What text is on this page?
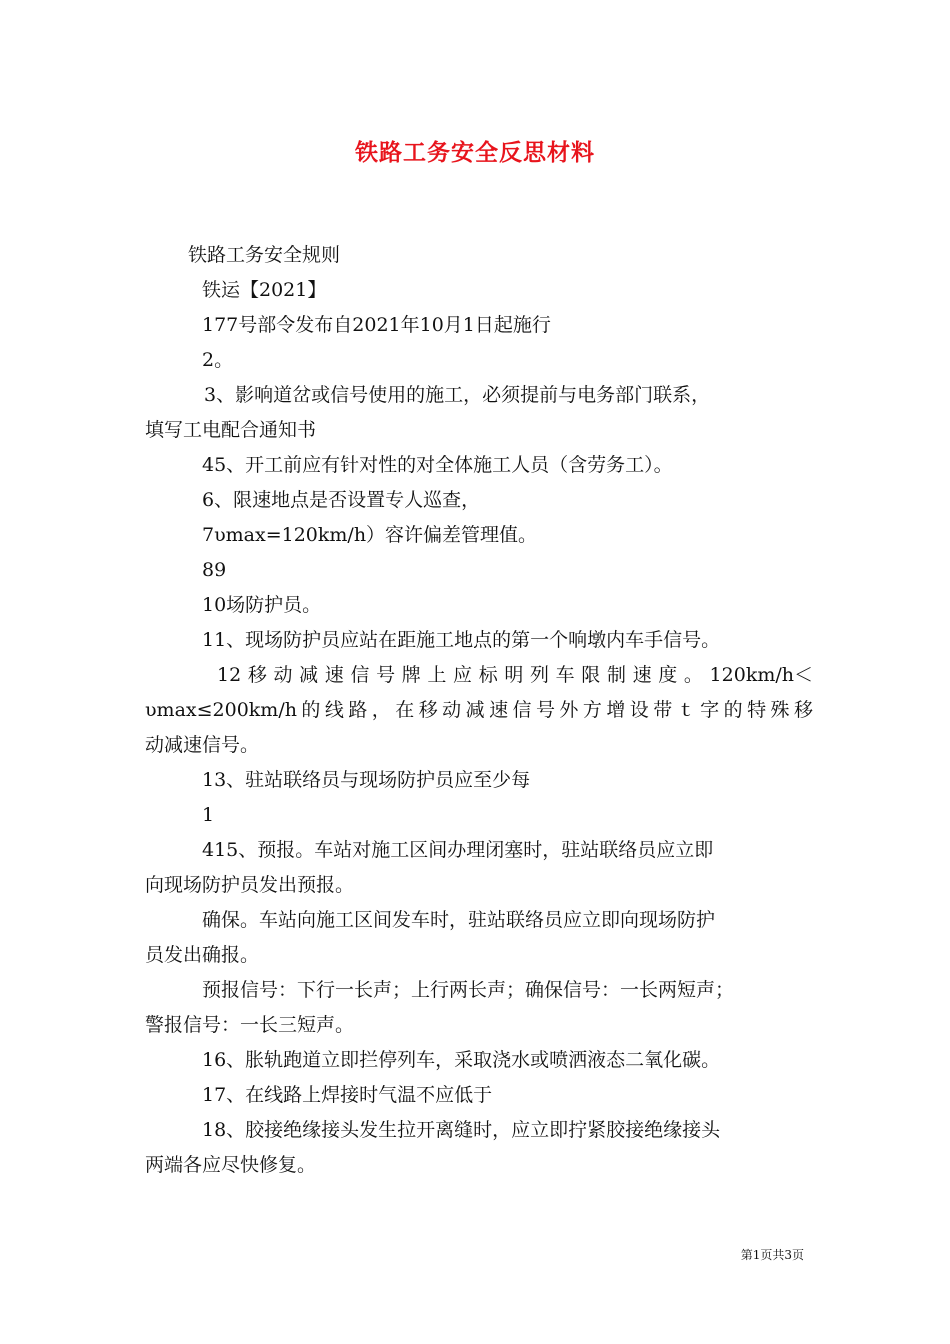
铁路工务安全反思材料
铁路工务安全规则
铁运【2021】
177号部令发布自2021年10月1日起施行
2。
3、影响道岔或信号使用的施工，必须提前与电务部门联系，
填写工电配合通知书
45、开工前应有针对性的对全体施工人员（含劳务工）。
6、限速地点是否设置专人巡查，
7υmax=120km/h）容许偏差管理值。
89
10场防护员。
11、现场防护员应站在距施工地点的第一个响墩内车手信号。
12移动减速信号牌上应标明列车限制速度。120km/h＜
υmax≤200km/h的线路，在移动减速信号外方增设带ｔ字的特殊移
动减速信号。
13、驻站联络员与现场防护员应至少每
1
415、预报。车站对施工区间办理闭塞时，驻站联络员应立即
向现场防护员发出预报。
确保。车站向施工区间发车时，驻站联络员应立即向现场防护
员发出确报。
预报信号：下行一长声；上行两长声；确保信号：一长两短声；
警报信号：一长三短声。
16、胀轨跑道立即拦停列车，采取浇水或喷洒液态二氧化碳。
17、在线路上焊接时气温不应低于
18、胶接绝缘接头发生拉开离缝时，应立即拧紧胶接绝缘接头
两端各应尽快修复。
第1页共3页
